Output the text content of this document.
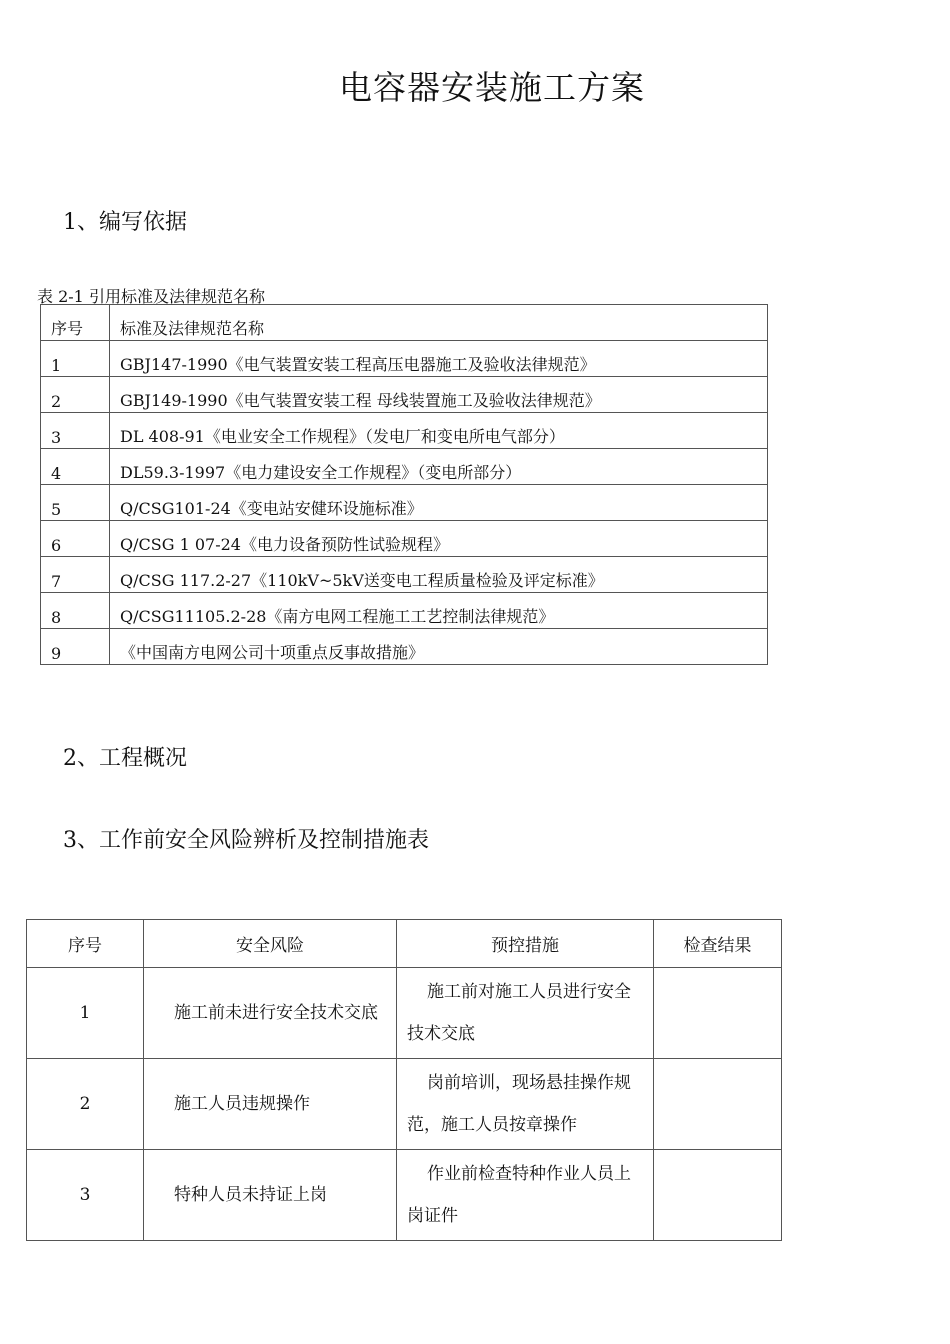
电容器安装施工方案
1、编写依据
表 2-1 引用标准及法律规范名称
序号	标准及法律规范名称
1	GBJ147-1990《电气装置安装工程高压电器施工及验收法律规范》
2	GBJ149-1990《电气装置安装工程 母线装置施工及验收法律规范》
3	DL 408-91《电业安全工作规程》（发电厂和变电所电气部分）
4	DL59.3-1997《电力建设安全工作规程》（变电所部分）
5	Q/CSG101-24《变电站安健环设施标准》
6	Q/CSG 1 07-24《电力设备预防性试验规程》
7	Q/CSG 117.2-27《110kV~5kV送变电工程质量检验及评定标准》
8	Q/CSG11105.2-28《南方电网工程施工工艺控制法律规范》
9	《中国南方电网公司十项重点反事故措施》
2、工程概况
3、工作前安全风险辨析及控制措施表
序号	安全风险	预控措施	检查结果
1	施工前未进行安全技术交底	施工前对施工人员进行安全技术交底	

2	施工人员违规操作	岗前培训，现场悬挂操作规范，施工人员按章操作	

3	特种人员未持证上岗	作业前检查特种作业人员上岗证件	
